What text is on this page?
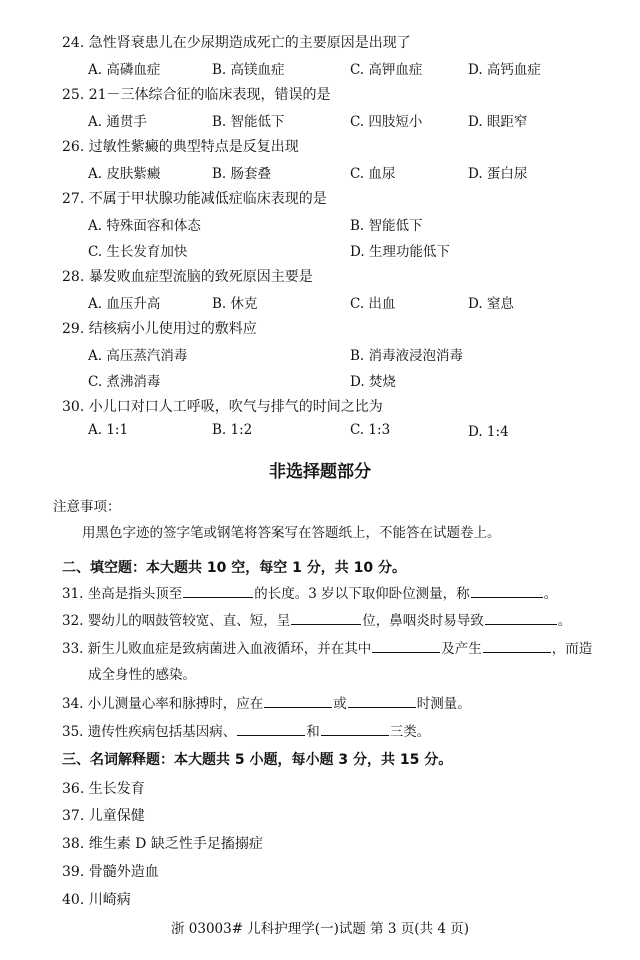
24. 急性肾衰患儿在少尿期造成死亡的主要原因是出现了
A. 高磷血症	B. 高镁血症	C. 高钾血症	D. 高钙血症
25. 21－三体综合征的临床表现，错误的是
A. 通贯手	B. 智能低下	C. 四肢短小	D. 眼距窄
26. 过敏性紫癜的典型特点是反复出现
A. 皮肤紫癜	B. 肠套叠	C. 血尿	D. 蛋白尿
27. 不属于甲状腺功能减低症临床表现的是
A. 特殊面容和体态	B. 智能低下
C. 生长发育加快	D. 生理功能低下
28. 暴发败血症型流脑的致死原因主要是
A. 血压升高	B. 休克	C. 出血	D. 窒息
29. 结核病小儿使用过的敷料应
A. 高压蒸汽消毒	B. 消毒液浸泡消毒
C. 煮沸消毒	D. 焚烧
30. 小儿口对口人工呼吸，吹气与排气的时间之比为
A. 1:1	B. 1:2	C. 1:3	D. 1:4
非选择题部分
注意事项：
用黑色字迹的签字笔或钢笔将答案写在答题纸上，不能答在试题卷上。
二、填空题：本大题共 10 空，每空 1 分，共 10 分。
31. 坐高是指头顶至	的长度。3 岁以下取仰卧位测量，称	。
32. 婴幼儿的咽鼓管较宽、直、短，呈	位，鼻咽炎时易导致	。
33. 新生儿败血症是致病菌进入血液循环，并在其中	及产生	，而造
成全身性的感染。
34. 小儿测量心率和脉搏时，应在	或	时测量。
35. 遗传性疾病包括基因病、	和	三类。
三、名词解释题：本大题共 5 小题，每小题 3 分，共 15 分。
36. 生长发育
37. 儿童保健
38. 维生素 D 缺乏性手足搐搦症
39. 骨髓外造血
40. 川崎病
浙 03003# 儿科护理学(一)试题 第 3 页(共 4 页)
